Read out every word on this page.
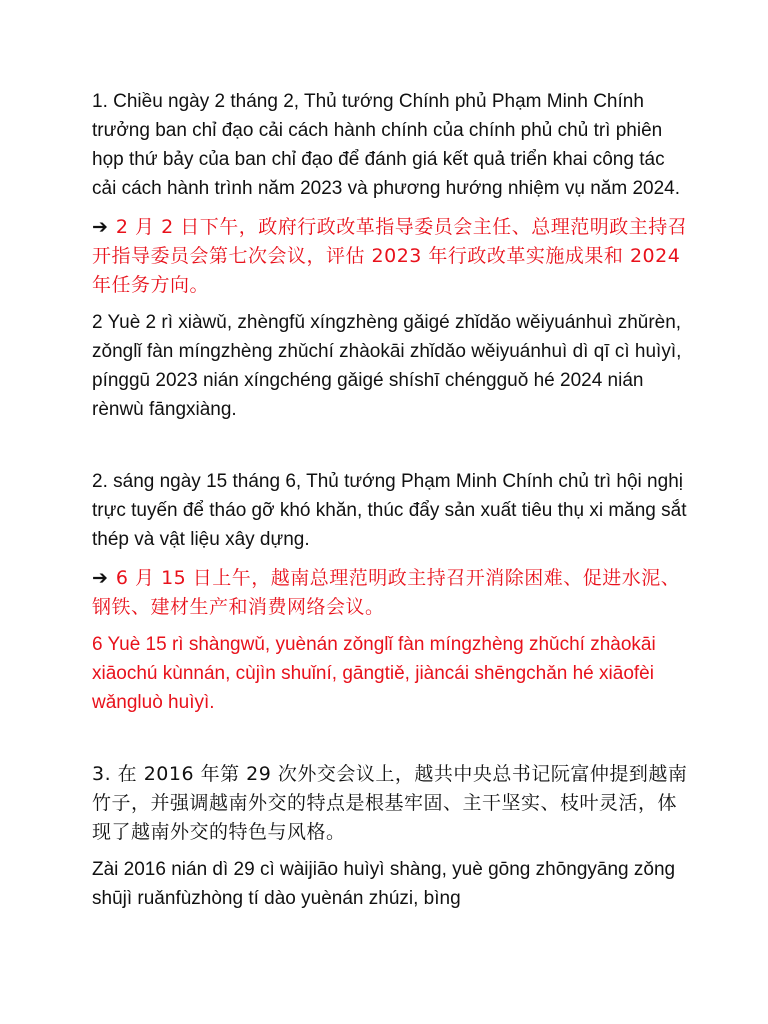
1. Chiều ngày 2 tháng 2, Thủ tướng Chính phủ Phạm Minh Chính trưởng ban chỉ đạo cải cách hành chính của chính phủ chủ trì phiên họp thứ bảy của ban chỉ đạo để đánh giá kết quả triển khai công tác cải cách hành trình năm 2023 và phương hướng nhiệm vụ năm 2024.

➔ 2 月 2 日下午，政府行政改革指导委员会主任、总理范明政主持召开指导委员会第七次会议，评估 2023 年行政改革实施成果和 2024 年任务方向。

2 Yuè 2 rì xiàwǔ, zhèngfǔ xíngzhèng gǎigé zhǐdǎo wěiyuánhuì zhǔrèn, zǒnglǐ fàn míngzhèng zhǔchí zhàokāi zhǐdǎo wěiyuánhuì dì qī cì huìyì, pínggū 2023 nián xíngchéng gǎigé shíshī chéngguǒ hé 2024 nián rènwù fāngxiàng.

2. sáng ngày 15 tháng 6, Thủ tướng Phạm Minh Chính chủ trì hội nghị trực tuyến để tháo gỡ khó khăn, thúc đẩy sản xuất tiêu thụ xi măng sắt thép và vật liệu xây dựng.

➔ 6 月 15 日上午，越南总理范明政主持召开消除困难、促进水泥、钢铁、建材生产和消费网络会议。

6 Yuè 15 rì shàngwǔ, yuènán zǒnglǐ fàn míngzhèng zhǔchí zhàokāi xiāochú kùnnán, cùjìn shuǐní, gāngtiě, jiàncái shēngchǎn hé xiāofèi wǎngluò huìyì.

3. 在 2016 年第 29 次外交会议上，越共中央总书记阮富仲提到越南竹子，并强调越南外交的特点是根基牢固、主干坚实、枝叶灵活，体现了越南外交的特色与风格。

Zài 2016 nián dì 29 cì wàijiāo huìyì shàng, yuè gōng zhōngyāng zǒng shūjì ruǎnfùzhòng tí dào yuènán zhúzi, bìng
